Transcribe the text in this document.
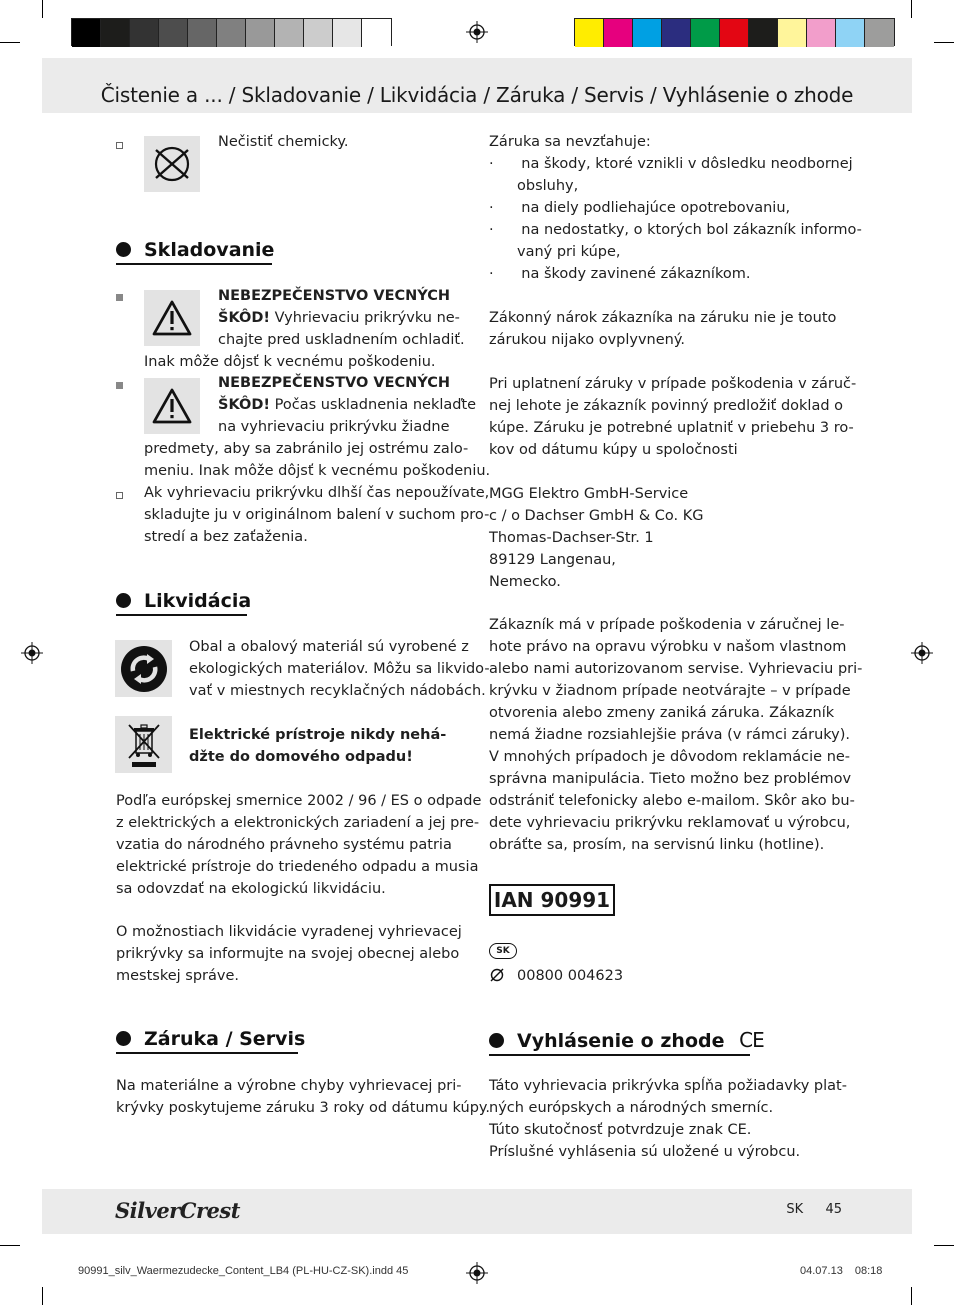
Čistenie a ... / Skladovanie / Likvidácia / Záruka / Servis / Vyhlásenie o zhode
Nečistiť chemicky.
Skladovanie
NEBEZPEČENSTVO VECNÝCH
ŠKÔD! Vyhrievaciu prikrývku ne-
chajte pred uskladnením ochladiť.
Inak môže dôjsť k vecnému poškodeniu.
NEBEZPEČENSTVO VECNÝCH
ŠKÔD! Počas uskladnenia neklaďte
na vyhrievaciu prikrývku žiadne
predmety, aby sa zabránilo jej ostrému zalo-
meniu. Inak môže dôjsť k vecnému poškodeniu.
Ak vyhrievaciu prikrývku dlhší čas nepoužívate,
skladujte ju v originálnom balení v suchom pro-
stredí a bez zaťaženia.
Likvidácia
Obal a obalový materiál sú vyrobené z
ekologických materiálov. Môžu sa likvido-
vať v miestnych recyklačných nádobách.
Elektrické prístroje nikdy nehá-
džte do domového odpadu!
Podľa európskej smernice 2002 / 96 / ES o odpade
z elektrických a elektronických zariadení a jej pre-
vzatia do národného právneho systému patria
elektrické prístroje do triedeného odpadu a musia
sa odovzdať na ekologickú likvidáciu.
O možnostiach likvidácie vyradenej vyhrievacej
prikrývky sa informujte na svojej obecnej alebo
mestskej správe.
Záruka / Servis
Na materiálne a výrobne chyby vyhrievacej pri-
krývky poskytujeme záruku 3 roky od dátumu kúpy.
Záruka sa nevzťahuje:
·      na škody, ktoré vznikli v dôsledku neodbornej
obsluhy,
·      na diely podliehajúce opotrebovaniu,
·      na nedostatky, o ktorých bol zákazník informo-
vaný pri kúpe,
·      na škody zavinené zákazníkom.
Zákonný nárok zákazníka na záruku nie je touto
zárukou nijako ovplyvnený.
Pri uplatnení záruky v prípade poškodenia v záruč-
nej lehote je zákazník povinný predložiť doklad o
kúpe. Záruku je potrebné uplatniť v priebehu 3 ro-
kov od dátumu kúpy u spoločnosti
MGG Elektro GmbH-Service
c / o Dachser GmbH & Co. KG
Thomas-Dachser-Str. 1
89129 Langenau,
Nemecko.
Zákazník má v prípade poškodenia v záručnej le-
hote právo na opravu výrobku v našom vlastnom
alebo nami autorizovanom servise. Vyhrievaciu pri-
krývku v žiadnom prípade neotvárajte – v prípade
otvorenia alebo zmeny zaniká záruka. Zákazník
nemá žiadne rozsiahlejšie práva (v rámci záruky).
V mnohých prípadoch je dôvodom reklamácie ne-
správna manipulácia. Tieto možno bez problémov
odstrániť telefonicky alebo e-mailom. Skôr ako bu-
dete vyhrievaciu prikrývku reklamovať u výrobcu,
obráťte sa, prosím, na servisnú linku (hotline).
IAN 90991
SK
00800 004623
Vyhlásenie o zhode CE
Táto vyhrievacia prikrývka spĺňa požiadavky plat-
ných európskych a národných smerníc.
Túto skutočnosť potvrdzuje znak CE.
Príslušné vyhlásenia sú uložené u výrobcu.
SilverCrest	SK 45
90991_silv_Waermezudecke_Content_LB4 (PL-HU-CZ-SK).indd 45	04.07.13 08:18
